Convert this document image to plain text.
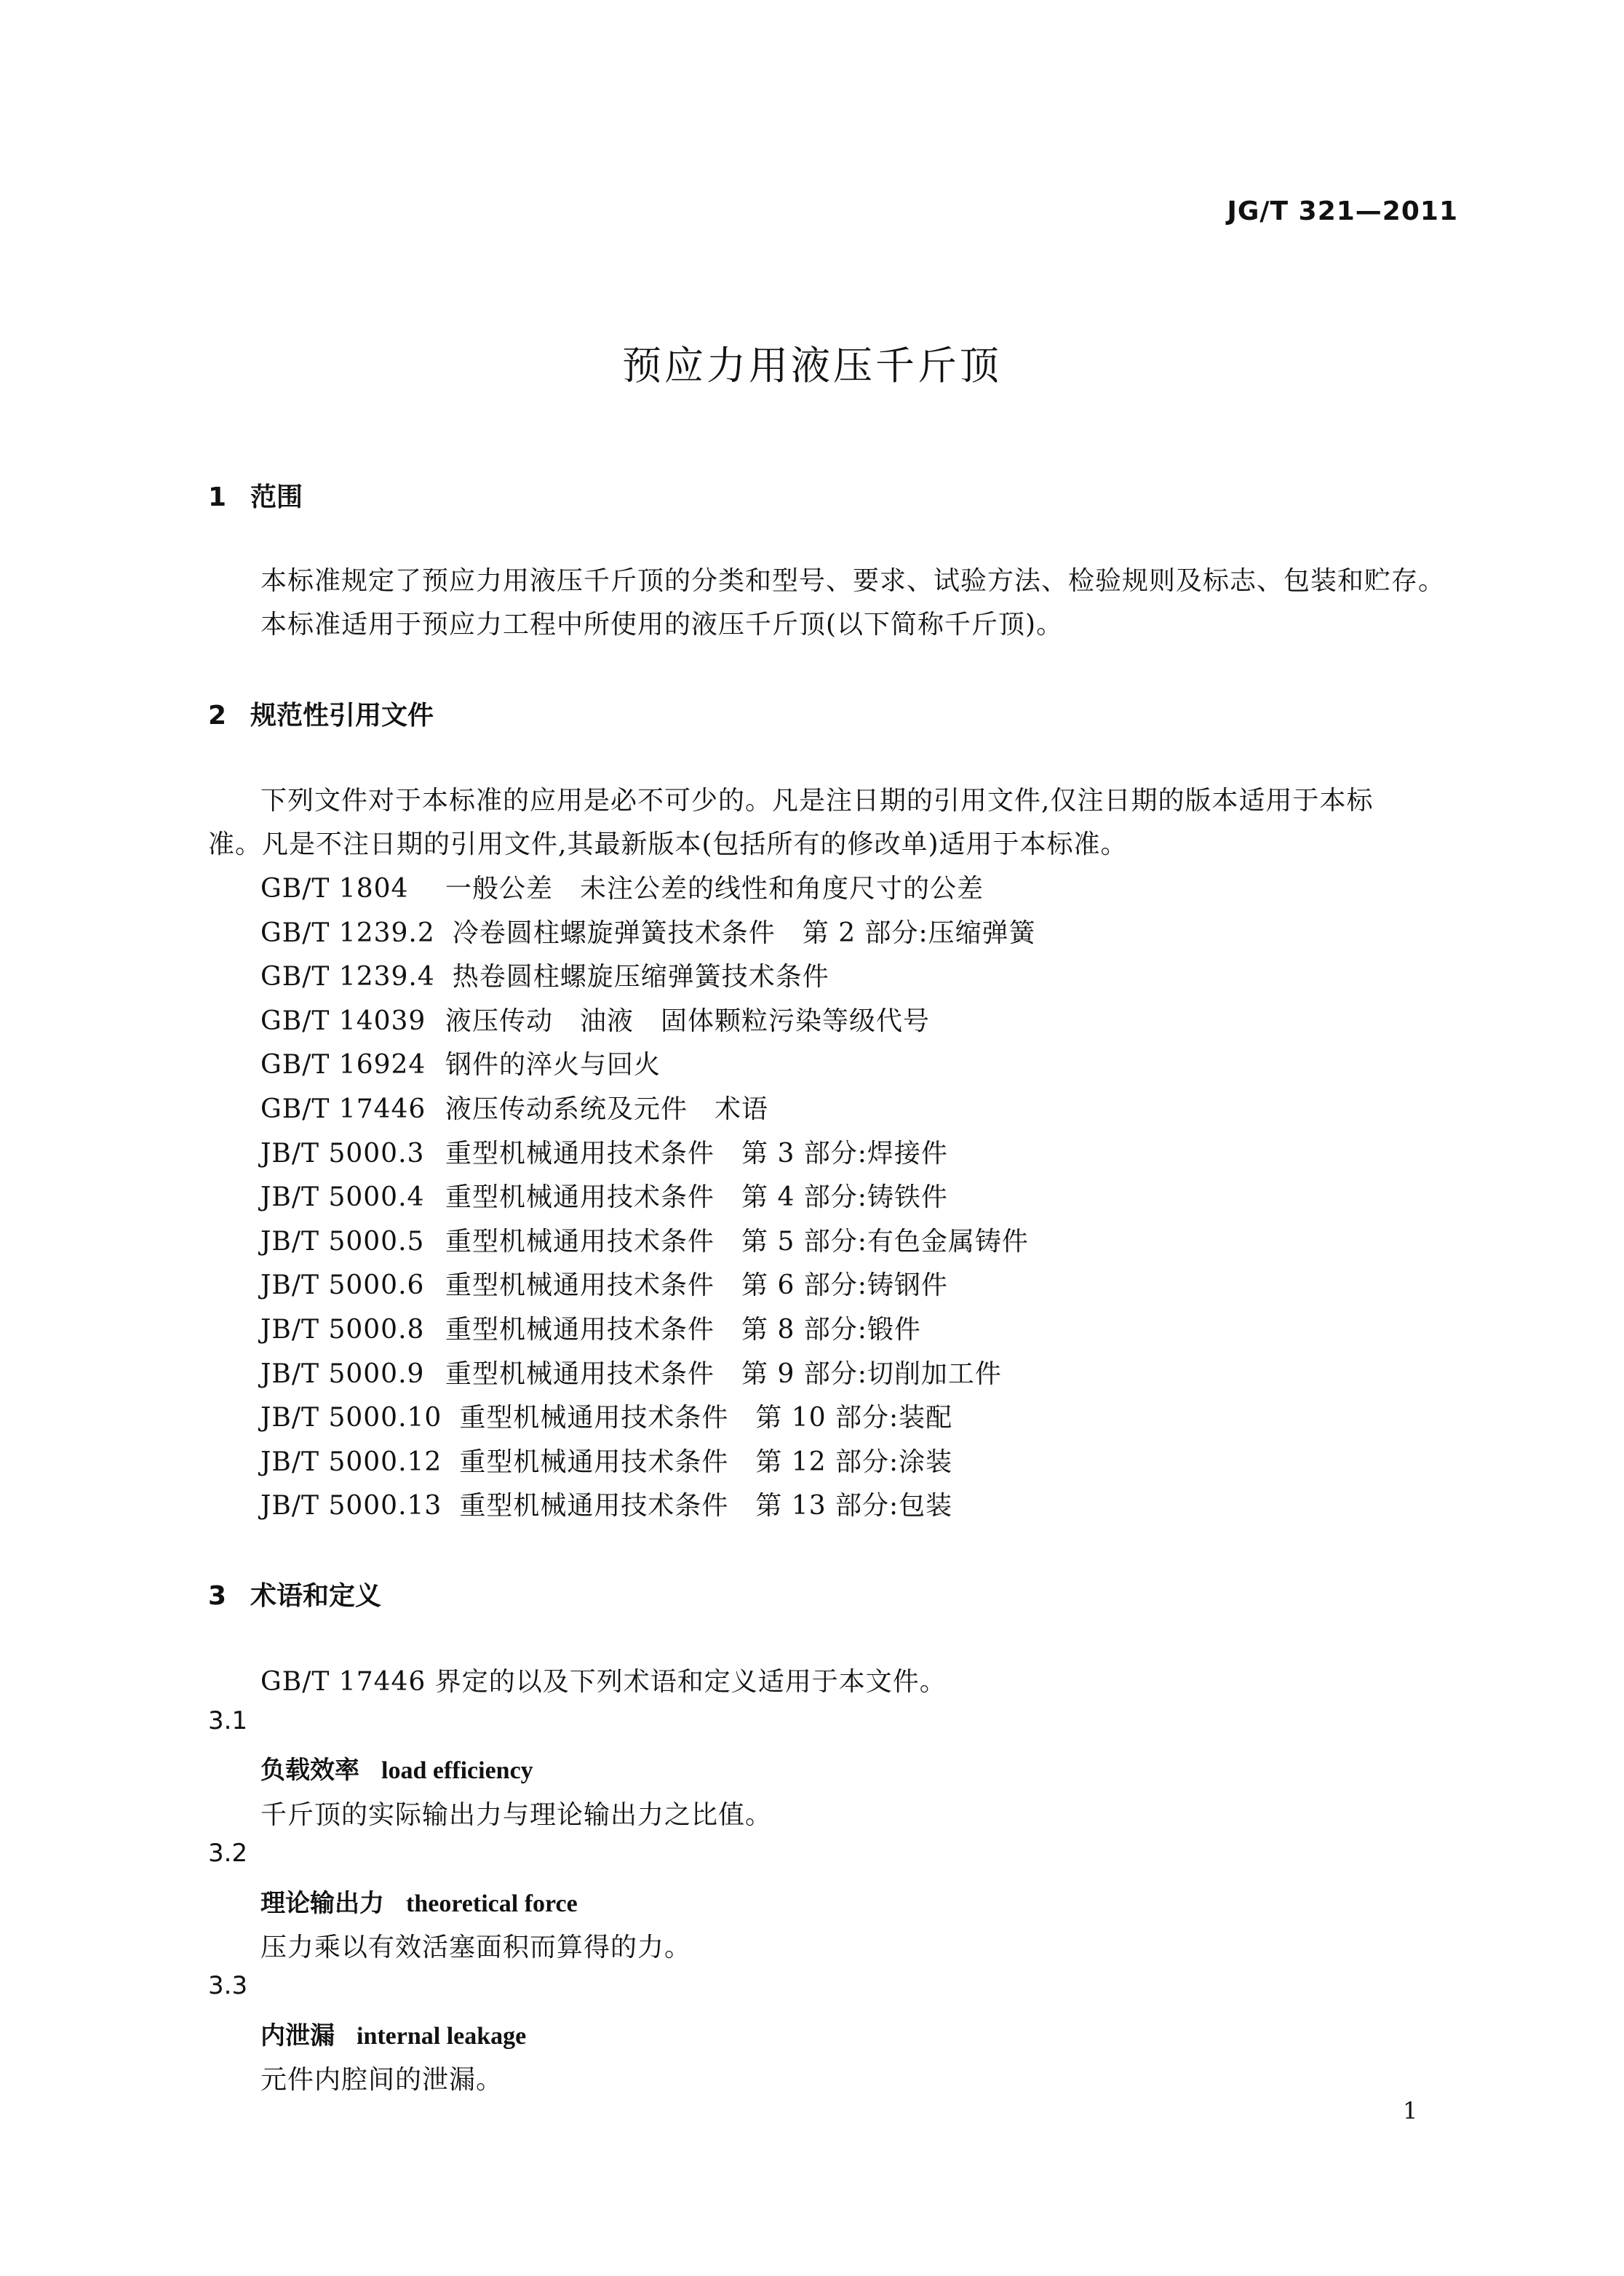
JG/T 321—2011
预应力用液压千斤顶
1 范围
本标准规定了预应力用液压千斤顶的分类和型号、要求、试验方法、检验规则及标志、包装和贮存。
本标准适用于预应力工程中所使用的液压千斤顶(以下简称千斤顶)。
2 规范性引用文件
下列文件对于本标准的应用是必不可少的。凡是注日期的引用文件,仅注日期的版本适用于本标
准。凡是不注日期的引用文件,其最新版本(包括所有的修改单)适用于本标准。
GB/T 1804 一般公差　未注公差的线性和角度尺寸的公差
GB/T 1239.2 冷卷圆柱螺旋弹簧技术条件　第 2 部分:压缩弹簧
GB/T 1239.4 热卷圆柱螺旋压缩弹簧技术条件
GB/T 14039 液压传动　油液　固体颗粒污染等级代号
GB/T 16924 钢件的淬火与回火
GB/T 17446 液压传动系统及元件　术语
JB/T 5000.3 重型机械通用技术条件　第 3 部分:焊接件
JB/T 5000.4 重型机械通用技术条件　第 4 部分:铸铁件
JB/T 5000.5 重型机械通用技术条件　第 5 部分:有色金属铸件
JB/T 5000.6 重型机械通用技术条件　第 6 部分:铸钢件
JB/T 5000.8 重型机械通用技术条件　第 8 部分:锻件
JB/T 5000.9 重型机械通用技术条件　第 9 部分:切削加工件
JB/T 5000.10 重型机械通用技术条件　第 10 部分:装配
JB/T 5000.12 重型机械通用技术条件　第 12 部分:涂装
JB/T 5000.13 重型机械通用技术条件　第 13 部分:包装
3 术语和定义
GB/T 17446 界定的以及下列术语和定义适用于本文件。
3.1
负载效率 load efficiency
千斤顶的实际输出力与理论输出力之比值。
3.2
理论输出力 theoretical force
压力乘以有效活塞面积而算得的力。
3.3
内泄漏 internal leakage
元件内腔间的泄漏。
1
